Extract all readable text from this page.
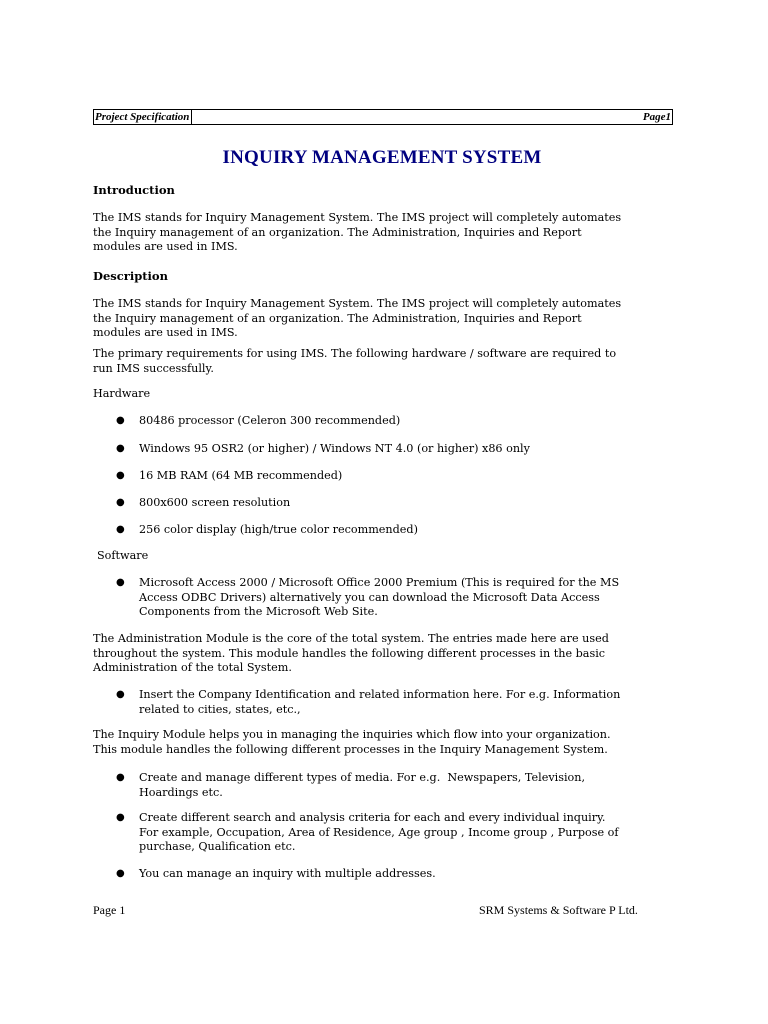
Project Specification	Page1
INQUIRY MANAGEMENT SYSTEM
Introduction
The IMS stands for Inquiry Management System. The IMS project will completely automates
the Inquiry management of an organization. The Administration, Inquiries and Report
modules are used in IMS.
Description
The IMS stands for Inquiry Management System. The IMS project will completely automates
the Inquiry management of an organization. The Administration, Inquiries and Report
modules are used in IMS.
The primary requirements for using IMS. The following hardware / software are required to
run IMS successfully.
Hardware
● 80486 processor (Celeron 300 recommended)
● Windows 95 OSR2 (or higher) / Windows NT 4.0 (or higher) x86 only
● 16 MB RAM (64 MB recommended)
● 800x600 screen resolution
● 256 color display (high/true color recommended)
Software
● Microsoft Access 2000 / Microsoft Office 2000 Premium (This is required for the MS
Access ODBC Drivers) alternatively you can download the Microsoft Data Access
Components from the Microsoft Web Site.
The Administration Module is the core of the total system. The entries made here are used
throughout the system. This module handles the following different processes in the basic
Administration of the total System.
● Insert the Company Identification and related information here. For e.g. Information
related to cities, states, etc.,
The Inquiry Module helps you in managing the inquiries which flow into your organization.
This module handles the following different processes in the Inquiry Management System.
● Create and manage different types of media. For e.g.  Newspapers, Television,
Hoardings etc.
● Create different search and analysis criteria for each and every individual inquiry.
For example, Occupation, Area of Residence, Age group , Income group , Purpose of
purchase, Qualification etc.
● You can manage an inquiry with multiple addresses.
Page 1	SRM Systems & Software P Ltd.
